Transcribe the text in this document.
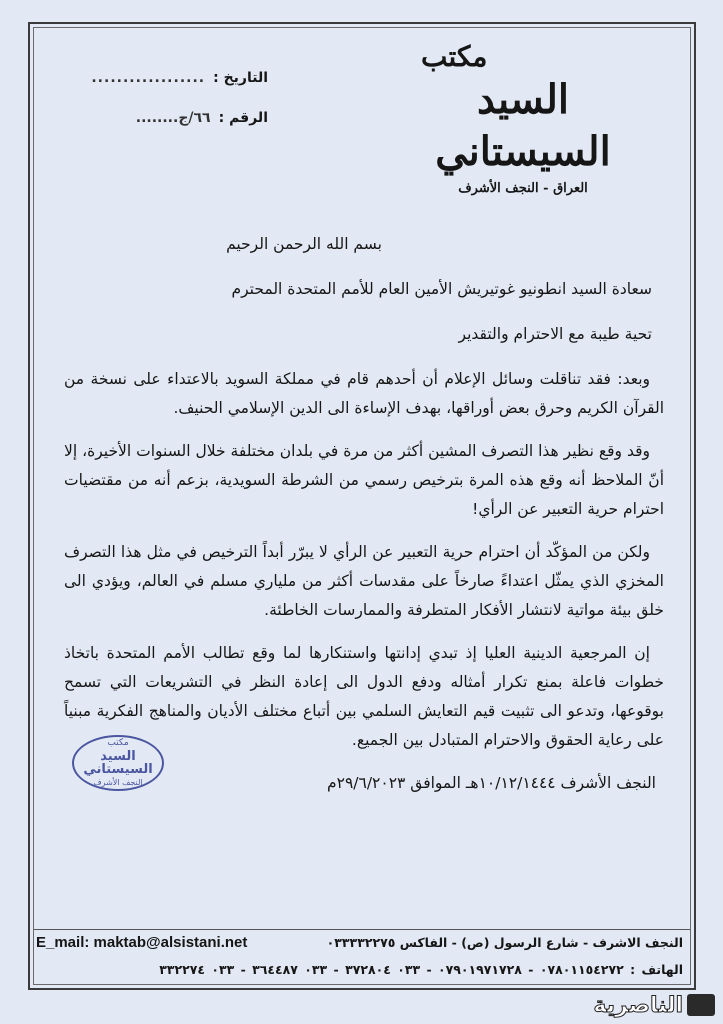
مكتب
السيد السيستاني
العراق - النجف الأشرف
التاريخ :
..................
الرقم :
٦٦/ج........

بسم الله الرحمن الرحيم

سعادة السيد انطونيو غوتيريش الأمين العام للأمم المتحدة المحترم

تحية طيبة مع الاحترام والتقدير

وبعد: فقد تناقلت وسائل الإعلام أن أحدهم قام في مملكة السويد بالاعتداء على نسخة من القرآن الكريم وحرق بعض أوراقها، بهدف الإساءة الى الدين الإسلامي الحنيف.

وقد وقع نظير هذا التصرف المشين أكثر من مرة في بلدان مختلفة خلال السنوات الأخيرة، إلا أنّ الملاحظ أنه وقع هذه المرة بترخيص رسمي من الشرطة السويدية، بزعم أنه من مقتضيات احترام حرية التعبير عن الرأي!

ولكن من المؤكّد أن احترام حرية التعبير عن الرأي لا يبرّر أبداً الترخيص في مثل هذا التصرف المخزي الذي يمثّل اعتداءً صارخاً على مقدسات أكثر من ملياري مسلم في العالم، ويؤدي الى خلق بيئة مواتية لانتشار الأفكار المتطرفة والممارسات الخاطئة.

إن المرجعية الدينية العليا إذ تبدي إدانتها واستنكارها لما وقع تطالب الأمم المتحدة باتخاذ خطوات فاعلة بمنع تكرار أمثاله ودفع الدول الى إعادة النظر في التشريعات التي تسمح بوقوعها، وتدعو الى تثبيت قيم التعايش السلمي بين أتباع مختلف الأديان والمناهج الفكرية مبنياً على رعاية الحقوق والاحترام المتبادل بين الجميع.

النجف الأشرف ١٠/١٢/١٤٤٤هـ الموافق ٢٩/٦/٢٠٢٣م

مكتب
السيد السيستاني
النجف الأشرف
E_mail: maktab@alsistani.net	النجف الاشرف - شارع الرسول (ص) - الفاكس ٠٣٣٣٣٢٢٧٥
الهاتف : ٠٧٨٠١١٥٤٢٧٢ - ٠٧٩٠١٩٧١٧٢٨ - ٠٣٣ ٣٧٢٨٠٤ - ٠٣٣ ٣٦٤٤٨٧ - ٠٣٣ ٣٣٢٢٧٤
الناصرية
